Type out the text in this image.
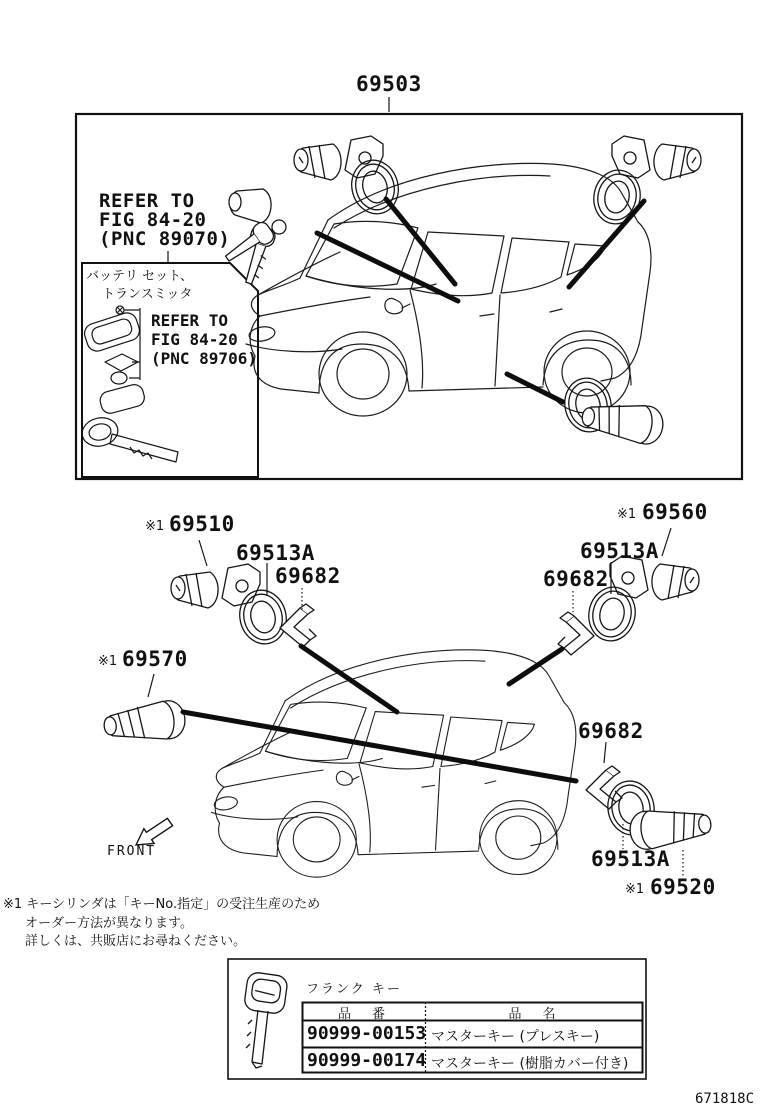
69503
REFER TO
FIG 84-20
(PNC 89070)
バッテリ セット、
トランスミッタ
REFER TO
FIG 84-20
(PNC 89706)
※1 69510
69513A
69682
※1 69560
69513A
69682
※1 69570
69682
69513A
※1 69520
FRONT
※1 キーシリンダは「キーNo.指定」の受注生産のため
オーダー方法が異なります。
詳しくは、共販店にお尋ねください。
フランク キー
品　番	品　名
90999-00153 マスターキー (プレスキー)
90999-00174 マスターキー (樹脂カバー付き)
671818C
